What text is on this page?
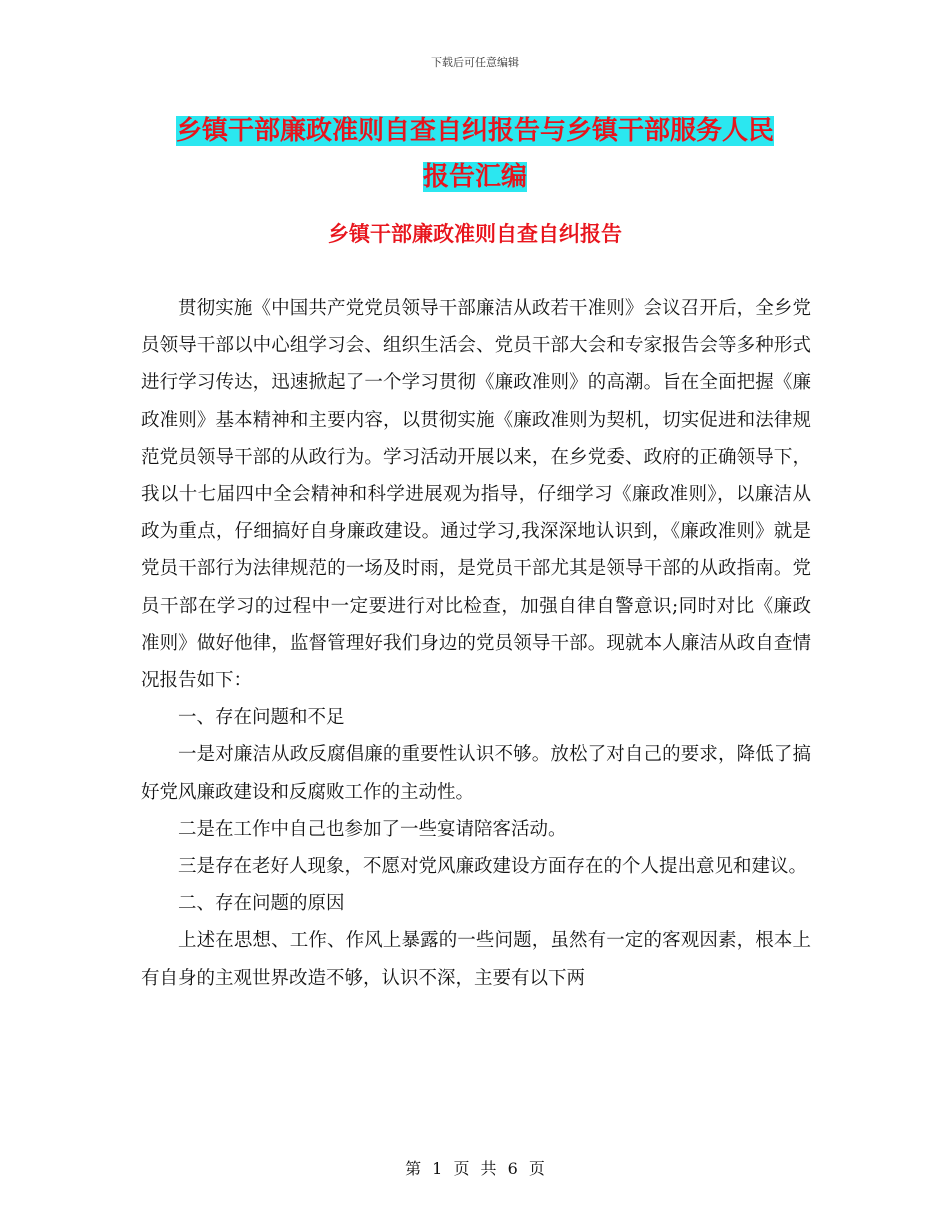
下载后可任意编辑
乡镇干部廉政准则自查自纠报告与乡镇干部服务人民
报告汇编
乡镇干部廉政准则自查自纠报告

贯彻实施《中国共产党党员领导干部廉洁从政若干准则》会议召开后，全乡党员领导干部以中心组学习会、组织生活会、党员干部大会和专家报告会等多种形式进行学习传达，迅速掀起了一个学习贯彻《廉政准则》的高潮。旨在全面把握《廉政准则》基本精神和主要内容，以贯彻实施《廉政准则为契机，切实促进和法律规范党员领导干部的从政行为。学习活动开展以来，在乡党委、政府的正确领导下，我以十七届四中全会精神和科学进展观为指导，仔细学习《廉政准则》，以廉洁从政为重点，仔细搞好自身廉政建设。通过学习,我深深地认识到，《廉政准则》就是党员干部行为法律规范的一场及时雨，是党员干部尤其是领导干部的从政指南。党员干部在学习的过程中一定要进行对比检查，加强自律自警意识;同时对比《廉政准则》做好他律，监督管理好我们身边的党员领导干部。现就本人廉洁从政自查情况报告如下：

一、存在问题和不足

一是对廉洁从政反腐倡廉的重要性认识不够。放松了对自己的要求，降低了搞好党风廉政建设和反腐败工作的主动性。

二是在工作中自己也参加了一些宴请陪客活动。

三是存在老好人现象，不愿对党风廉政建设方面存在的个人提出意见和建议。

二、存在问题的原因

上述在思想、工作、作风上暴露的一些问题，虽然有一定的客观因素，根本上有自身的主观世界改造不够，认识不深，主要有以下两

第 1 页 共 6 页
